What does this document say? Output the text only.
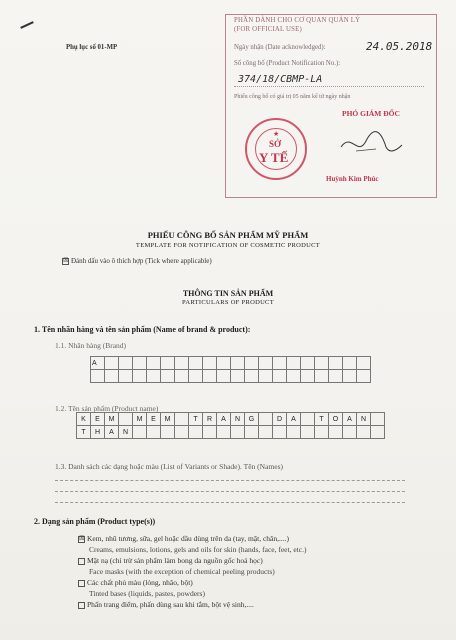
Phụ lục số 01-MP
PHẦN DÀNH CHO CƠ QUAN QUẢN LÝ
(FOR OFFICIAL USE)
Ngày nhận (Date acknowledged):	24.05.2018
Số công bố (Product Notification No.):
374/18/CBMP-LA
Phiếu công bố có giá trị 05 năm kể từ ngày nhận
PHÓ GIÁM ĐỐC
Huỳnh Kim Phúc
★
SỞ
Y TẾ
PHIẾU CÔNG BỐ SẢN PHẨM MỸ PHẨM
TEMPLATE FOR NOTIFICATION OF COSMETIC PRODUCT
☒ Đánh dấu vào ô thích hợp (Tick where applicable)
THÔNG TIN SẢN PHẨM
PARTICULARS OF PRODUCT
1. Tên nhãn hàng và tên sản phẩm (Name of brand & product):
1.1. Nhãn hàng (Brand)
A
1.2. Tên sản phẩm (Product name)
K	E	M	M	E	M	T	R	A	N	G	D	A	T	O	A	N
T	H	A	N
1.3. Danh sách các dạng hoặc màu (List of Variants or Shade). Tên (Names)
2. Dạng sản phẩm (Product type(s))
☒ Kem, nhũ tương, sữa, gel hoặc dầu dùng trên da (tay, mặt, chân,....)
Creams, emulsions, lotions, gels and oils for skin (hands, face, feet, etc.)
Mặt nạ (chỉ trừ sản phẩm làm bong da nguồn gốc hoá học)
Face masks (with the exception of chemical peeling products)
Các chất phủ màu (lỏng, nhão, bột)
Tinted bases (liquids, pastes, powders)
Phấn trang điểm, phấn dùng sau khi tắm, bột vệ sinh,....
